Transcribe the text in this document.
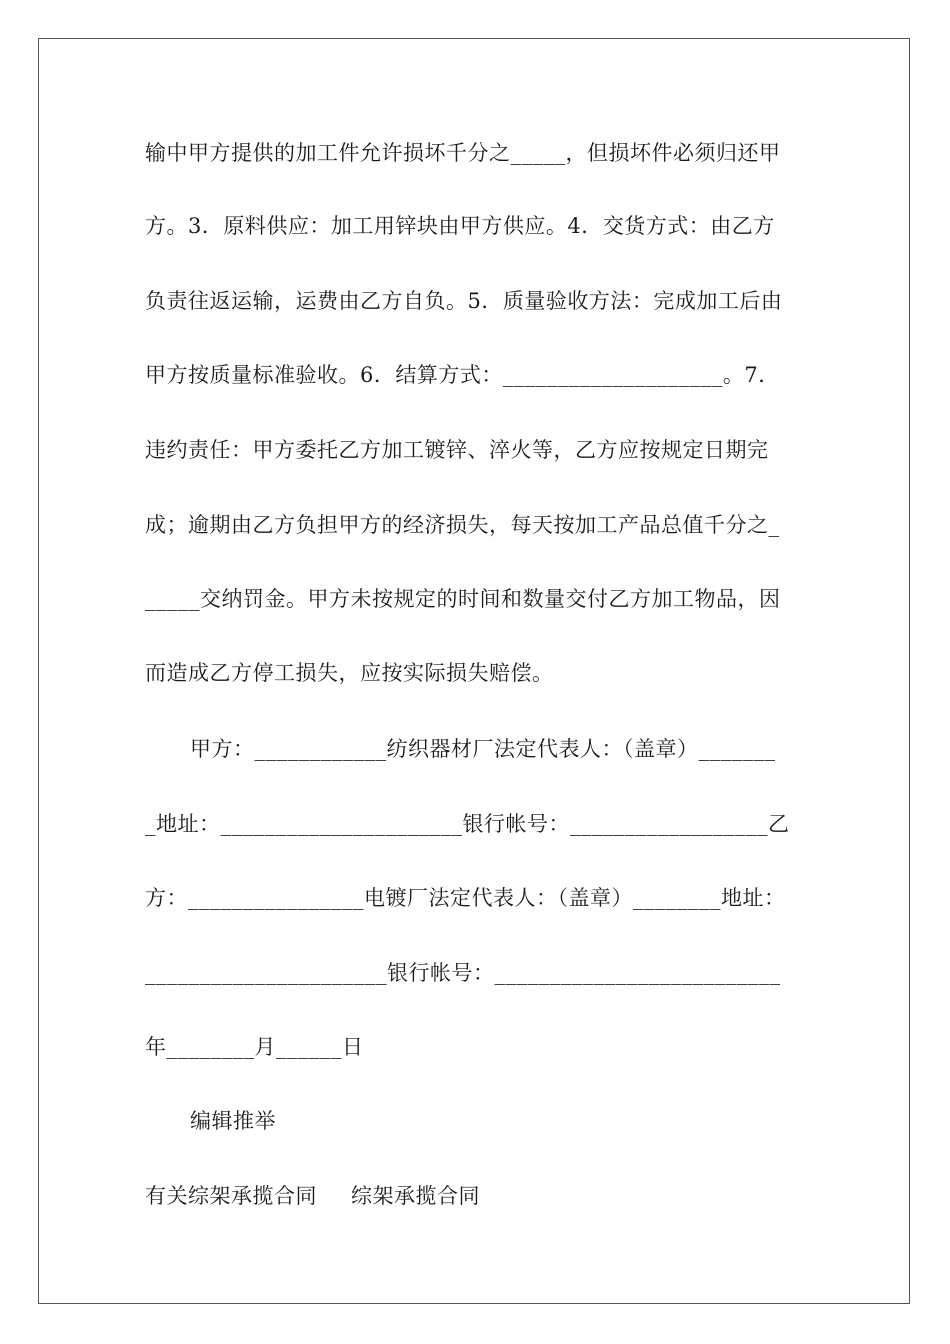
输中甲方提供的加工件允许损坏千分之_____，但损坏件必须归还甲
方。3．原料供应：加工用锌块由甲方供应。4．交货方式：由乙方
负责往返运输，运费由乙方自负。5．质量验收方法：完成加工后由
甲方按质量标准验收。6．结算方式：____________________。7．
违约责任：甲方委托乙方加工镀锌、淬火等，乙方应按规定日期完
成；逾期由乙方负担甲方的经济损失，每天按加工产品总值千分之_
_____交纳罚金。甲方未按规定的时间和数量交付乙方加工物品，因
而造成乙方停工损失，应按实际损失赔偿。
甲方：____________纺织器材厂法定代表人：（盖章）_______
_地址：______________________银行帐号：__________________乙
方：________________电镀厂法定代表人：（盖章）________地址：
______________________银行帐号：__________________________
年________月______日
编辑推举
有关综架承揽合同 综架承揽合同
